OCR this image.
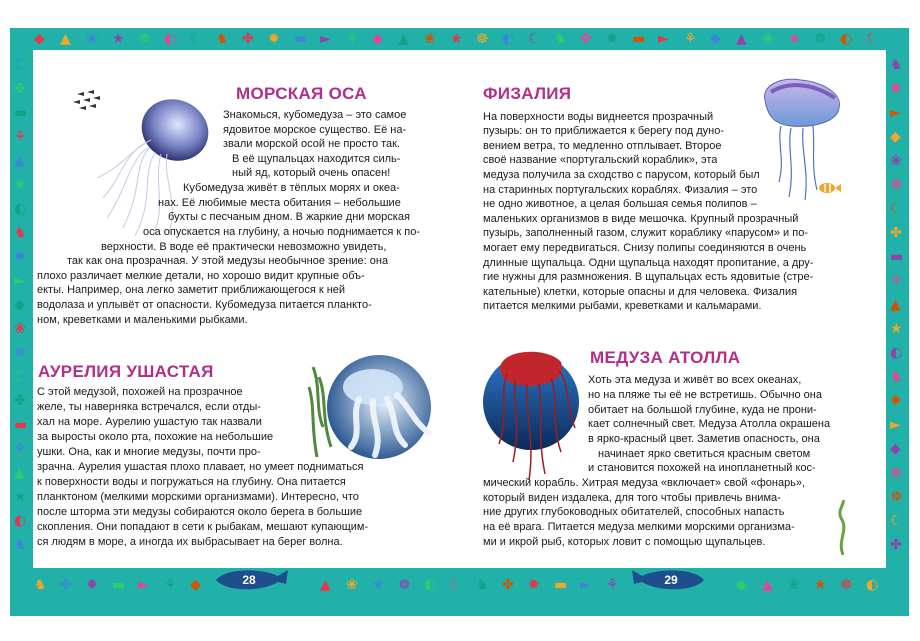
◆ ▲ ❀ ★ ☸ ◐ ☾ ♞ ✤ ✹ ▬ ► ⚘ ◆ ▲ ❀ ★ ☸ ◐ ☾ ♞ ✤ ✹ ▬ ► ⚘ ◆ ▲ ❀ ★ ☸ ◐ ☾
♞ ✤ ✹ ▬ ► ⚘ ◆	▲ ❀ ★ ☸ ◐ ☾ ♞ ✤ ✹ ▬ ► ⚘	◆ ▲ ❀ ★ ☸ ◐
☾	♞
✤	✹
▬	►
⚘	◆
▲	❀
★	☸
◐	☾
♞	✤
✹	▬
►	⚘
◆	▲
❀	★
☸	◐
☾	♞
✤	✹
▬	►
⚘	◆
▲	❀
★	☸
◐	☾
♞	✤
МОРСКАЯ ОСА
Знакомься, кубомедуза – это самое
ядовитое морское существо. Её на-
звали морской осой не просто так.
В её щупальцах находится силь-
ный яд, который очень опасен!
Кубомедуза живёт в тёплых морях и океа-
нах. Её любимые места обитания – небольшие
бухты с песчаным дном. В жаркие дни морская
оса опускается на глубину, а ночью поднимается к по-
верхности. В воде её практически невозможно увидеть,
так как она прозрачная. У этой медузы необычное зрение: она
плохо различает мелкие детали, но хорошо видит крупные объ-
екты. Например, она легко заметит приближающегося к ней
водолаза и уплывёт от опасности. Кубомедуза питается планкто-
ном, креветками и маленькими рыбками.
АУРЕЛИЯ УШАСТАЯ
С этой медузой, похожей на прозрачное
желе, ты наверняка встречался, если отды-
хал на море. Аурелию ушастую так назвали
за выросты около рта, похожие на небольшие
ушки. Она, как и многие медузы, почти про-
зрачна. Аурелия ушастая плохо плавает, но умеет подниматься
к поверхности воды и погружаться на глубину. Она питается
планктоном (мелкими морскими организмами). Интересно, что
после шторма эти медузы собираются около берега в большие
скопления. Они попадают в сети к рыбакам, мешают купающим-
ся людям в море, а иногда их выбрасывает на берег волна.
ФИЗАЛИЯ
На поверхности воды виднеется прозрачный
пузырь: он то приближается к берегу под дуно-
вением ветра, то медленно отплывает. Второе
своё название «португальский кораблик», эта
медуза получила за сходство с парусом, который был
на старинных португальских кораблях. Физалия – это
не одно животное, а целая большая семья полипов –
маленьких организмов в виде мешочка. Крупный прозрачный
пузырь, заполненный газом, служит кораблику «парусом» и по-
могает ему передвигаться. Снизу полипы соединяются в очень
длинные щупальца. Одни щупальца находят пропитание, а дру-
гие нужны для размножения. В щупальцах есть ядовитые (стре-
кательные) клетки, которые опасны и для человека. Физалия
питается мелкими рыбами, креветками и кальмарами.
МЕДУЗА АТОЛЛА
Хоть эта медуза и живёт во всех океанах,
но на пляже ты её не встретишь. Обычно она
обитает на большой глубине, куда не прони-
кает солнечный свет. Медуза Атолла окрашена
в ярко-красный цвет. Заметив опасность, она
начинает ярко светиться красным светом
и становится похожей на инопланетный кос-
мический корабль. Хитрая медуза «включает» свой «фонарь»,
который виден издалека, для того чтобы привлечь внима-
ние других глубоководных обитателей, способных напасть
на её врага. Питается медуза мелкими морскими организма-
ми и икрой рыб, которых ловит с помощью щупальцев.
28	29
